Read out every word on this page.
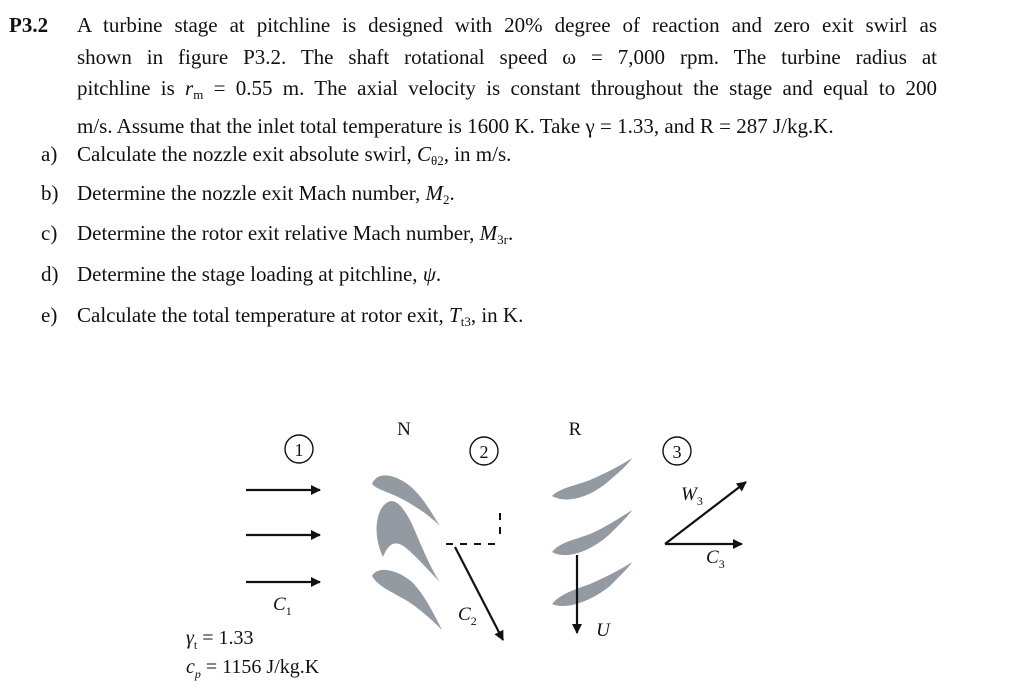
P3.2 A turbine stage at pitchline is designed with 20% degree of reaction and zero exit swirl as
shown in figure P3.2. The shaft rotational speed ω = 7,000 rpm. The turbine radius at
pitchline is $r_m = 0.55$ m. The axial velocity is constant throughout the stage and equal to 200
m/s. Assume that the inlet total temperature is 1600 K. Take γ = 1.33, and R = 287 J/kg.K.
a) Calculate the nozzle exit absolute swirl, $C_{\theta 2}$, in m/s.
b) Determine the nozzle exit Mach number, $M_2$.
c) Determine the rotor exit relative Mach number, $M_{3r}$.
d) Determine the stage loading at pitchline, ψ.
e) Calculate the total temperature at rotor exit, $T_{t3}$, in K.
1
$C_1$
N
2
$C_2$
R
U
3
$W_3$
$C_3$
$\gamma_t = 1.33$
$c_p = 1156$ J/kg.K
